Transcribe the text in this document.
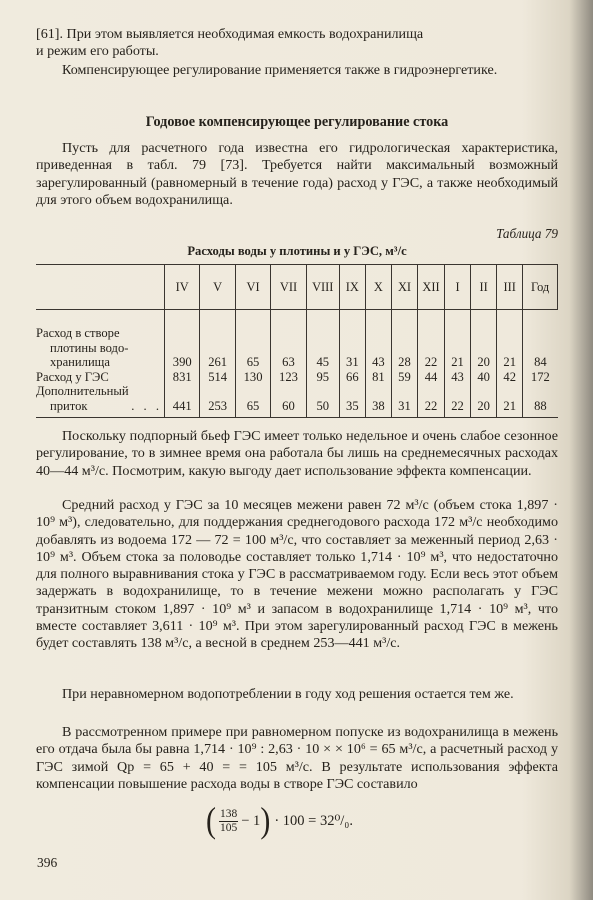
[61]. При этом выявляется необходимая емкость водохранилища

и режим его работы.

Компенсирующее регулирование применяется также в гидроэнергетике.

Годовое компенсирующее регулирование стока

Пусть для расчетного года известна его гидрологическая характеристика, приведенная в табл. 79 [73]. Требуется найти максимальный возможный зарегулированный (равномерный в течение года) расход у ГЭС, а также необходимый для этого объем водохранилища.

Таблица 79
Расходы воды у плотины и у ГЭС, м³/с
	IV	V	VI	VII	VIII	IX	X	XI	XII	I	II	III	Год

Расход в створе
плотины водо-
хранилища	390	261	65	63	45	31	43	28	22	21	20	21	84
Расход у ГЭС	831	514	130	123	95	66	81	59	44	43	40	42	172

Дополнительный
приток . . .	441	253	65	60	50	35	38	31	22	22	20	21	88

Поскольку подпорный бьеф ГЭС имеет только недельное и очень слабое сезонное регулирование, то в зимнее время она работала бы лишь на среднемесячных расходах 40—44 м³/с. Посмотрим, какую выгоду дает использование эффекта компенсации.

Средний расход у ГЭС за 10 месяцев межени равен 72 м³/с (объем стока 1,897 · 10⁹ м³), следовательно, для поддержания среднегодового расхода 172 м³/с необходимо добавлять из водоема 172 — 72 = 100 м³/с, что составляет за меженный период 2,63 · 10⁹ м³. Объем стока за половодье составляет только 1,714 · 10⁹ м³, что недостаточно для полного выравнивания стока у ГЭС в рассматриваемом году. Если весь этот объем задержать в водохранилище, то в течение межени можно располагать у ГЭС транзитным стоком 1,897 · 10⁹ м³ и запасом в водохранилище 1,714 · 10⁹ м³, что вместе составляет 3,611 · 10⁹ м³. При этом зарегулированный расход ГЭС в межень будет составлять 138 м³/с, а весной в среднем 253—441 м³/с.

При неравномерном водопотреблении в году ход решения остается тем же.

В рассмотренном примере при равномерном попуске из водохранилища в межень его отдача была бы равна 1,714 · 10⁹ : 2,63 · 10 × × 10⁶ = 65 м³/с, а расчетный расход у ГЭС зимой Qр = 65 + 40 = = 105 м³/с. В результате использования эффекта компенсации повышение расхода воды в створе ГЭС составило

( $\frac{138}{105} - 1$ ) · 100 = 32⁰/₀.
396
